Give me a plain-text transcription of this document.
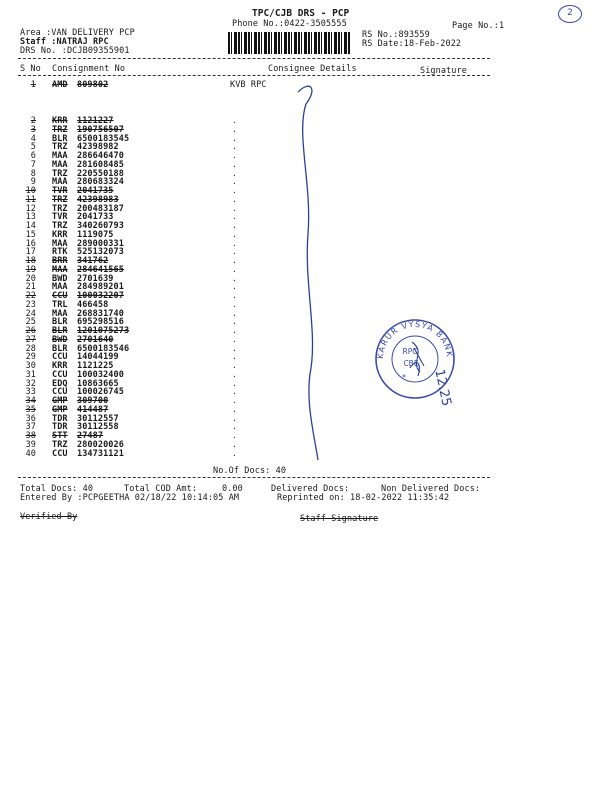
2
TPC/CJB DRS - PCP
Phone No.:0422-3505555	Page No.:1
Area :VAN DELIVERY PCP
Staff :NATRAJ RPC
DRS No. :DCJB09355901
RS No.:893559
RS Date:18-Feb-2022
S No Consignment No	Consignee Details	Signature
1 AMD	809802	KVB RPC
2 KRR	1121227	.
3 TRZ	190756507	.
4 BLR	6500183545	.
5 TRZ	42398982	.
6 MAA	286646470	.
7 MAA	281608485	.
8 TRZ	220550188	.
9 MAA	280683324	.
10 TVR	2041735	.
11 TRZ	42398983	.
12 TRZ	200483187	.
13 TVR	2041733	.
14 TRZ	340260793	.
15 KRR	1119075	.
16 MAA	289000331	.
17 RTK	525132073	.
18 BRR	341762	.
19 MAA	284641565	.
20 BWD	2701639	.
21 MAA	284989201	.
22 CCU	100032207	.
23 TRL	466458	.
24 MAA	268831740	.
25 BLR	695298516	.
26 BLR	1201075273	.
27 BWD	2701640	.
28 BLR	6500183546	.
29 CCU	14044199	.
30 KRR	1121225	.
31 CCU	100032400	.
32 EDQ	10863665	.
33 CCU	100026745	.
34 GMP	309700	.
35 GMP	414487	.
36 TDR	30112557	.
37 TDR	30112558	.
38 STT	27487	.
39 TRZ	280020026	.
40 CCU	134731121	.
KARUR VYSYA BANK
RPC
CBE
* 12.25
No.Of Docs: 40
Total Docs: 40	Total COD Amt:	0.00	Delivered Docs:	Non Delivered Docs:
Entered By :PCPGEETHA 02/18/22 10:14:05 AM	Reprinted on: 18-02-2022 11:35:42
Verified By	Staff Signature
